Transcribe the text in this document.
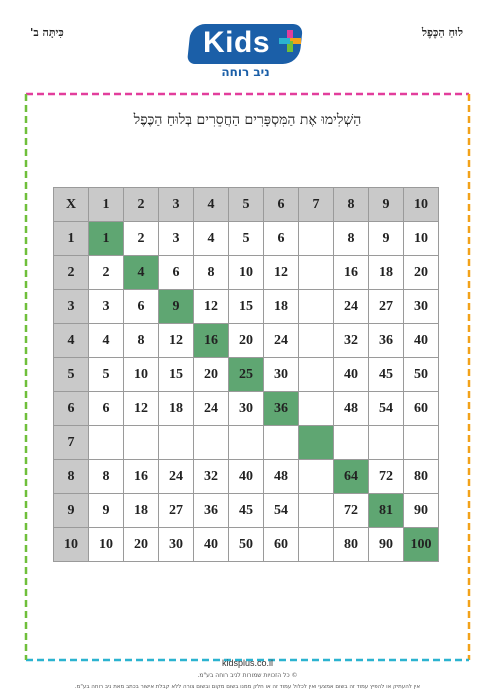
כִּיתָּה ב'	לוּחַ הַכֶּפֶל
Kids
ניב רוחה
הַשְׁלִימוּ אֶת הַמִּסְפָּרִים הַחֲסֵרִים בְּלוּחַ הַכֶּפֶל
X	1	2	3	4	5	6	7	8	9	10
1	1	2	3	4	5	6		8	9	10
2	2	4	6	8	10	12		16	18	20
3	3	6	9	12	15	18		24	27	30
4	4	8	12	16	20	24		32	36	40
5	5	10	15	20	25	30		40	45	50
6	6	12	18	24	30	36		48	54	60
7										
8	8	16	24	32	40	48		64	72	80
9	9	18	27	36	45	54		72	81	90
10	10	20	30	40	50	60		80	90	100
kidsplus.co.il
© כל הזכויות שמורות לניב רוחה בע"מ.
אין להעתיק או להפיץ עמוד זה בשום אמצעי ואין לכלול עמוד זה או חלק ממנו בשום מקום ובשום צורה ללא קבלת אישור בכתב מאת ניב רוחה בע"מ.
